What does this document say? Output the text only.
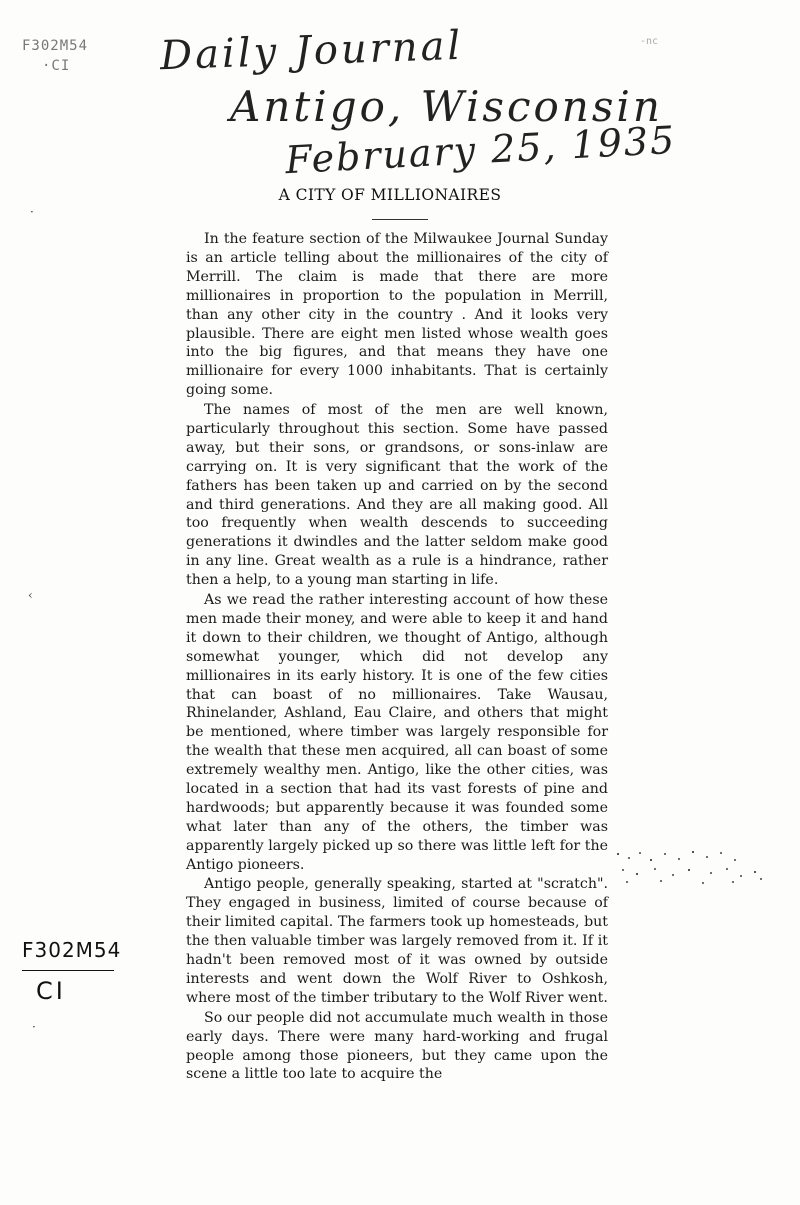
Daily Journal
Antigo, Wisconsin
February 25, 1935
F302M54
·CI
-nc
F302M54
CI
·
‹
·
A CITY OF MILLIONAIRES

In the feature section of the Milwaukee Journal Sunday is an article telling about the millionaires of the city of Merrill. The claim is made that there are more millionaires in proportion to the population in Merrill, than any other city in the country . And it looks very plausible. There are eight men listed whose wealth goes into the big figures, and that means they have one millionaire for every 1000 inhabitants. That is certainly going some.

The names of most of the men are well known, particularly throughout this section. Some have passed away, but their sons, or grandsons, or sons-inlaw are carrying on. It is very significant that the work of the fathers has been taken up and carried on by the second and third generations. And they are all making good. All too frequently when wealth descends to succeeding generations it dwindles and the latter seldom make good in any line. Great wealth as a rule is a hindrance, rather then a help, to a young man starting in life.

As we read the rather interesting account of how these men made their money, and were able to keep it and hand it down to their children, we thought of Antigo, although somewhat younger, which did not develop any millionaires in its early history. It is one of the few cities that can boast of no millionaires. Take Wausau, Rhinelander, Ashland, Eau Claire, and others that might be mentioned, where timber was largely responsible for the wealth that these men acquired, all can boast of some extremely wealthy men. Antigo, like the other cities, was located in a section that had its vast forests of pine and hardwoods; but apparently because it was founded some what later than any of the others, the timber was apparently largely picked up so there was little left for the Antigo pioneers.

Antigo people, generally speaking, started at "scratch". They engaged in business, limited of course because of their limited capital. The farmers took up homesteads, but the then valuable timber was largely removed from it. If it hadn't been removed most of it was owned by outside interests and went down the Wolf River to Oshkosh, where most of the timber tributary to the Wolf River went.

So our people did not accumulate much wealth in those early days. There were many hard-working and frugal people among those pioneers, but they came upon the scene a little too late to acquire the
